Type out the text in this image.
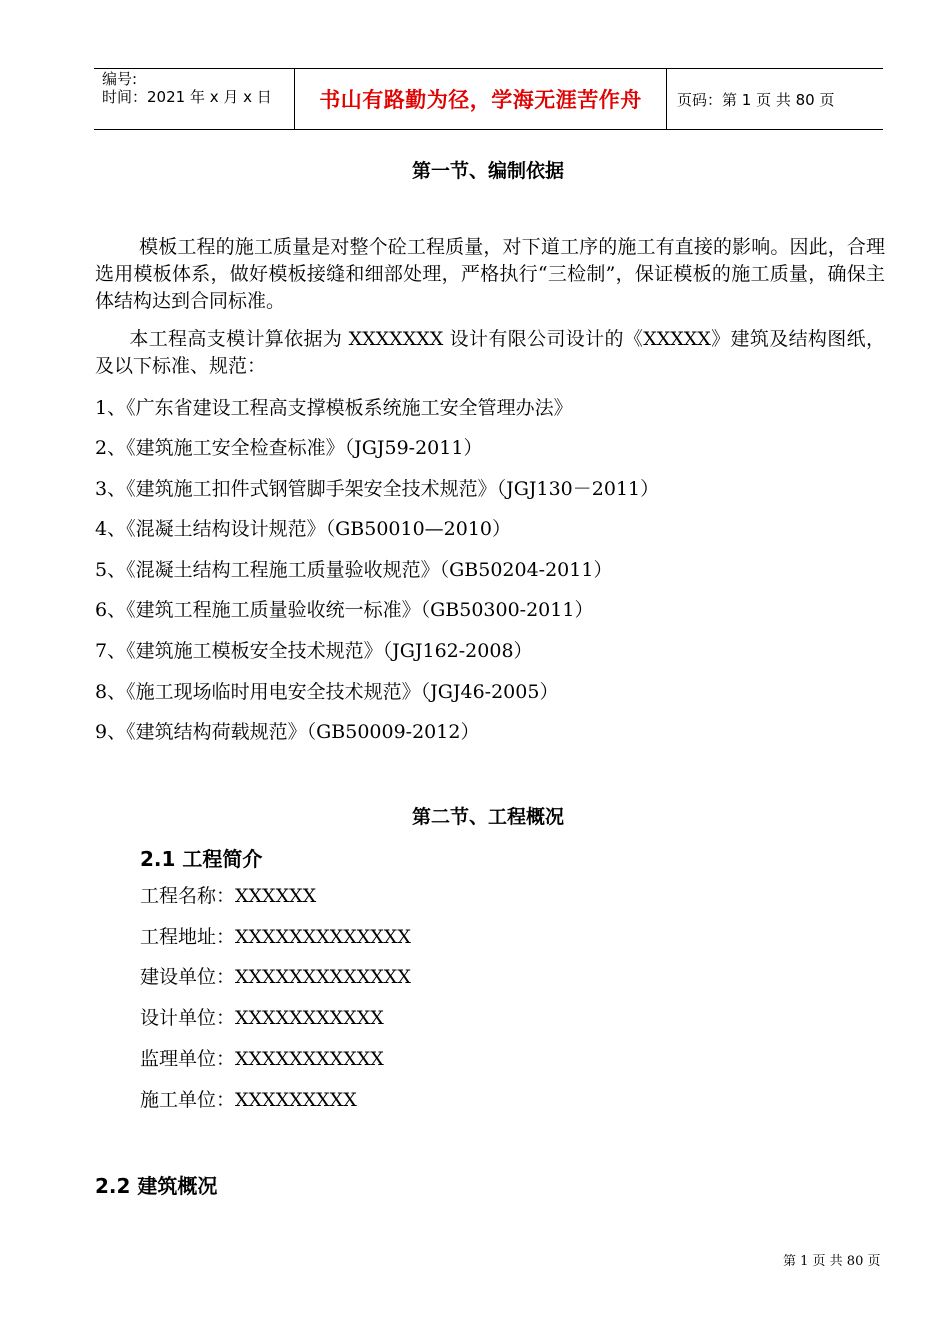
编号:
时间：2021 年 x 月 x 日 书山有路勤为径，学海无涯苦作舟 页码：第 1 页 共 80 页
第一节、编制依据
模板工程的施工质量是对整个砼工程质量，对下道工序的施工有直接的影响。因此，合理选用模板体系，做好模板接缝和细部处理，严格执行“三检制”，保证模板的施工质量，确保主体结构达到合同标准。
本工程高支模计算依据为 XXXXXXX 设计有限公司设计的《XXXXX》建筑及结构图纸，及以下标准、规范：
1、《广东省建设工程高支撑模板系统施工安全管理办法》
2、《建筑施工安全检查标准》（JGJ59-2011）
3、《建筑施工扣件式钢管脚手架安全技术规范》（JGJ130－2011）
4、《混凝土结构设计规范》（GB50010—2010）
5、《混凝土结构工程施工质量验收规范》（GB50204-2011）
6、《建筑工程施工质量验收统一标准》（GB50300-2011）
7、《建筑施工模板安全技术规范》（JGJ162-2008）
8、《施工现场临时用电安全技术规范》（JGJ46-2005）
9、《建筑结构荷载规范》（GB50009-2012）
第二节、工程概况
2.1 工程简介
工程名称：XXXXXX
工程地址：XXXXXXXXXXXXX
建设单位：XXXXXXXXXXXXX
设计单位：XXXXXXXXXXX
监理单位：XXXXXXXXXXX
施工单位：XXXXXXXXX
2.2 建筑概况
第 1 页 共 80 页
